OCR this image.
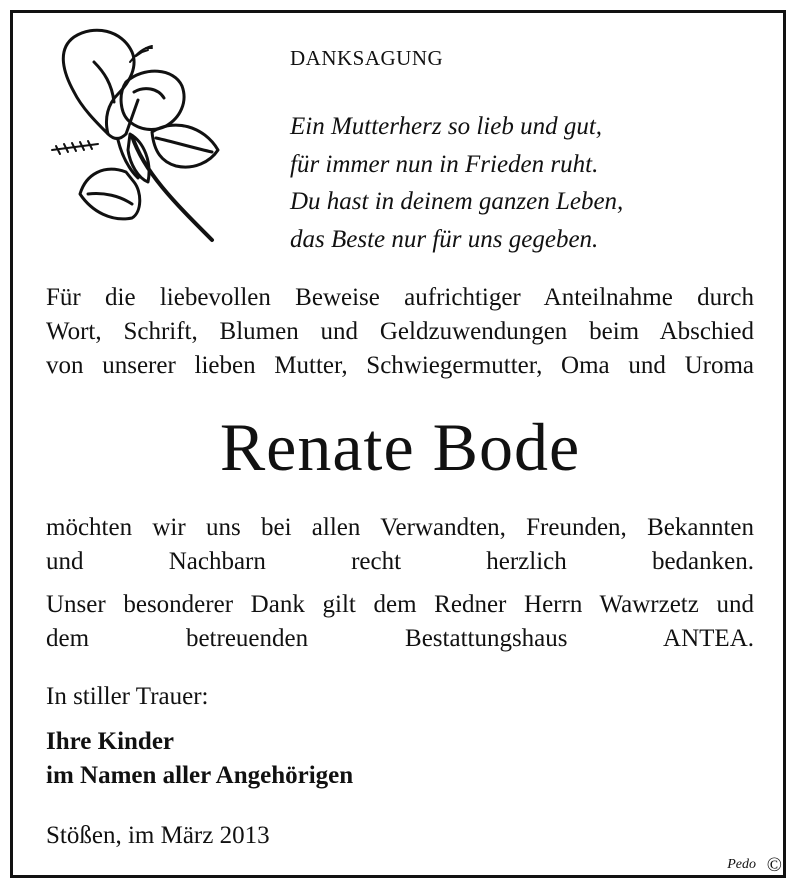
DANKSAGUNG
Ein Mutterherz so lieb und gut,
für immer nun in Frieden ruht.
Du hast in deinem ganzen Leben,
das Beste nur für uns gegeben.
Für die liebevollen Beweise aufrichtiger Anteilnahme durch
Wort, Schrift, Blumen und Geldzuwendungen beim Abschied
von unserer lieben Mutter, Schwiegermutter, Oma und Uroma
Renate Bode
möchten wir uns bei allen Verwandten, Freunden, Bekannten
und Nachbarn recht herzlich bedanken.
Unser besonderer Dank gilt dem Redner Herrn Wawrzetz und
dem betreuenden Bestattungshaus ANTEA.
In stiller Trauer:
Ihre Kinder
im Namen aller Angehörigen
Stößen, im März 2013
Pedo ©
